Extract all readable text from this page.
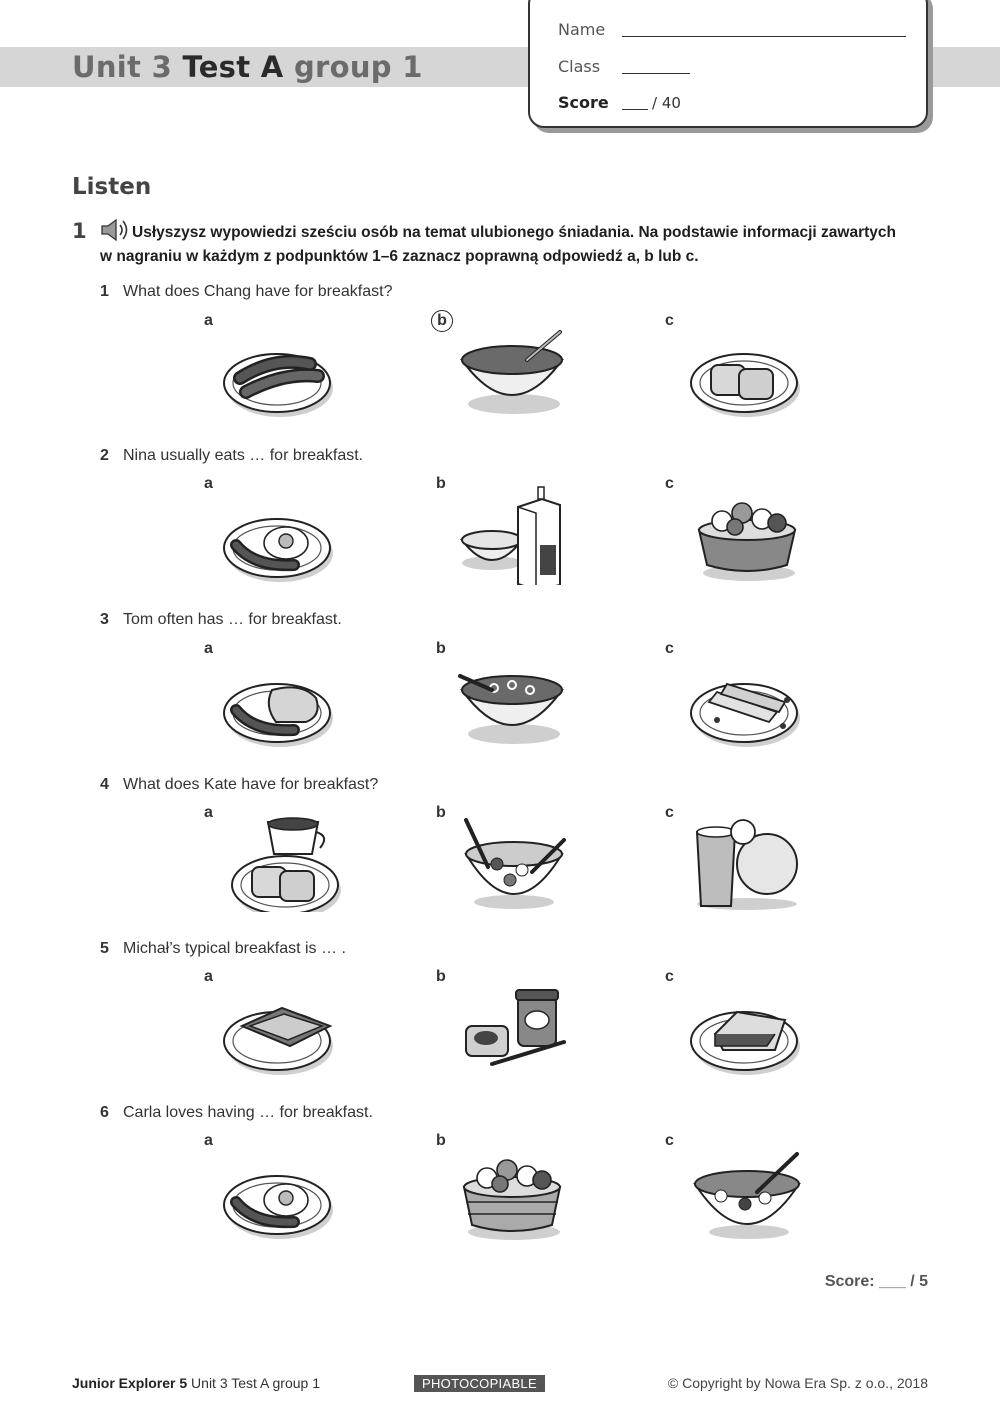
Unit 3 Test A group 1
Name
Class
Score	/ 40
Listen
1	Usłyszysz wypowiedzi sześciu osób na temat ulubionego śniadania. Na podstawie informacji zawartych w nagraniu w każdym z podpunktów 1–6 zaznacz poprawną odpowiedź a, b lub c.
1 What does Chang have for breakfast?
a	b	c
2 Nina usually eats … for breakfast.
a	b	c
3 Tom often has … for breakfast.
a	b	c
4 What does Kate have for breakfast?
a	b	c
5 Michał’s typical breakfast is … .
a	b	c
6 Carla loves having … for breakfast.
a	b	c
Score: ___ / 5
Junior Explorer 5 Unit 3 Test A group 1	PHOTOCOPIABLE	© Copyright by Nowa Era Sp. z o.o., 2018
